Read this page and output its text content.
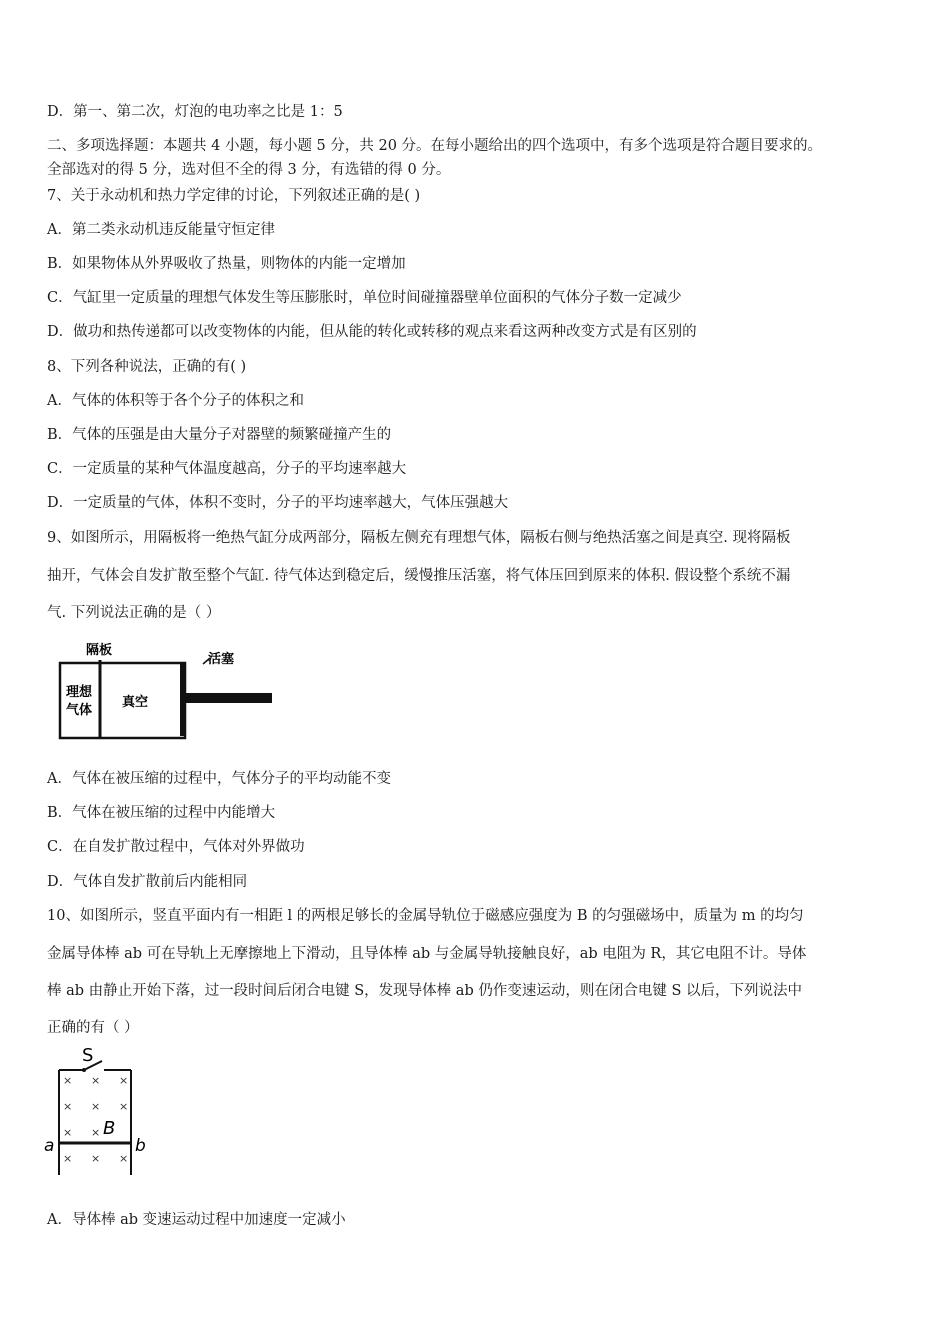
D．第一、第二次，灯泡的电功率之比是 1：5
二、多项选择题：本题共 4 小题，每小题 5 分，共 20 分。在每小题给出的四个选项中，有多个选项是符合题目要求的。
全部选对的得 5 分，选对但不全的得 3 分，有选错的得 0 分。
7、关于永动机和热力学定律的讨论，下列叙述正确的是( )
A．第二类永动机违反能量守恒定律
B．如果物体从外界吸收了热量，则物体的内能一定增加
C．气缸里一定质量的理想气体发生等压膨胀时，单位时间碰撞器壁单位面积的气体分子数一定减少
D．做功和热传递都可以改变物体的内能，但从能的转化或转移的观点来看这两种改变方式是有区别的
8、下列各种说法，正确的有( )
A．气体的体积等于各个分子的体积之和
B．气体的压强是由大量分子对器壁的频繁碰撞产生的
C．一定质量的某种气体温度越高，分子的平均速率越大
D．一定质量的气体，体积不变时，分子的平均速率越大，气体压强越大
9、如图所示，用隔板将一绝热气缸分成两部分，隔板左侧充有理想气体，隔板右侧与绝热活塞之间是真空. 现将隔板
抽开，气体会自发扩散至整个气缸. 待气体达到稳定后，缓慢推压活塞，将气体压回到原来的体积. 假设整个系统不漏
气. 下列说法正确的是（ ）
隔板
活塞
理想
气体
真空
A．气体在被压缩的过程中，气体分子的平均动能不变
B．气体在被压缩的过程中内能增大
C．在自发扩散过程中，气体对外界做功
D．气体自发扩散前后内能相同
10、如图所示，竖直平面内有一相距 l 的两根足够长的金属导轨位于磁感应强度为 B 的匀强磁场中，质量为 m 的均匀
金属导体棒 ab 可在导轨上无摩擦地上下滑动，且导体棒 ab 与金属导轨接触良好，ab 电阻为 R，其它电阻不计。导体
棒 ab 由静止开始下落，过一段时间后闭合电键 S，发现导体棒 ab 仍作变速运动，则在闭合电键 S 以后，下列说法中
正确的有（ ）
S
B
a	b
× × ×
× × ×
× ×
× × ×
A．导体棒 ab 变速运动过程中加速度一定减小
